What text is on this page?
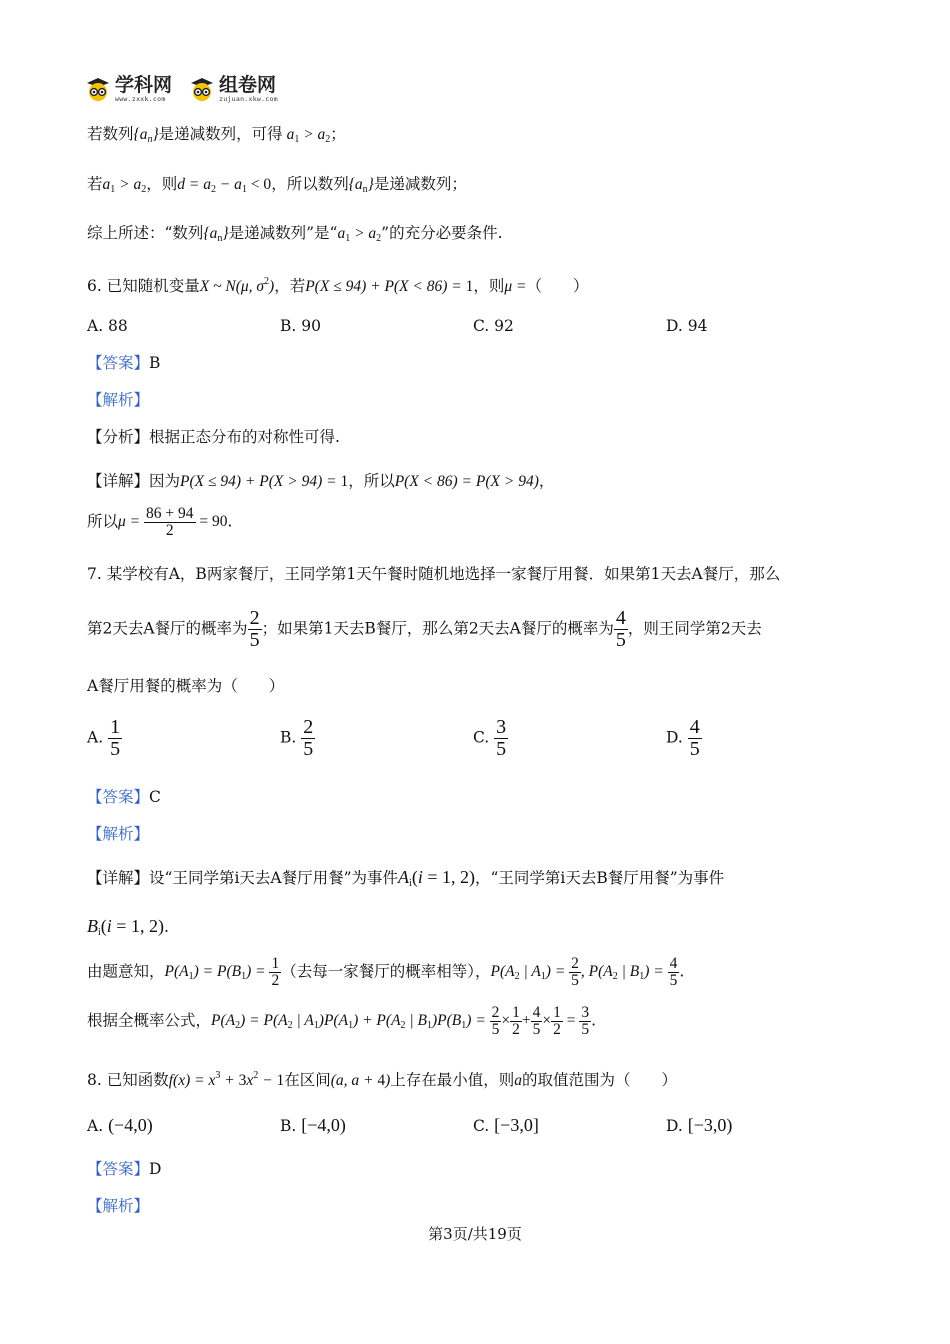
学科网
www.zxxk.com
组卷网
zujuan.xkw.com
若数列$\{a_n\}$是递减数列，可得 $a_1 > a_2$；
若$a_1 > a_2$，则$d = a_2 - a_1 < 0$，所以数列$\{a_n\}$是递减数列；
综上所述：“数列$\{a_n\}$是递减数列”是“$a_1 > a_2$”的充分必要条件.
6. 已知随机变量X ~ N(μ, $\sigma^2$)，若P(X ≤ 94) + P(X < 86) = 1，则μ =（　　）
A. 88	B. 90	C. 92	D. 94
【答案】B
【解析】
【分析】根据正态分布的对称性可得.
【详解】因为P(X ≤ 94) + P(X > 94) = 1，所以P(X < 86) = P(X > 94)，
所以$\mu = \frac{86 + 94}{2} = 90$.
7. 某学校有A，B两家餐厅，王同学第1天午餐时随机地选择一家餐厅用餐．如果第1天去A餐厅，那么
第2天去A餐厅的概率为 $\frac{2}{5}$ ；如果第1天去B餐厅，那么第2天去A餐厅的概率为 $\frac{4}{5}$ ，则王同学第2天去
A餐厅用餐的概率为（　　）
A. $\frac{1}{5}$	B. $\frac{2}{5}$	C. $\frac{3}{5}$	D. $\frac{4}{5}$
【答案】C
【解析】
【详解】设“王同学第i天去A餐厅用餐”为事件$A_i(i = 1$, 2)，“王同学第i天去B餐厅用餐”为事件
$B_i(i = 1$, 2).
由题意知，$P(A_1) = P(B_1) = \frac{1}{2}$ （去每一家餐厅的概率相等），$P(A_2$ | $A_1) = \frac{2}{5}$ , $P(A_2$ | $B_1) = \frac{4}{5}$ .
根据全概率公式，$P(A_2) = P(A_2$ | $A_1)P(A_1) + P(A_2$ | $B_1)P(B_1) = \frac{2}{5} \times \frac{1}{2} + \frac{4}{5} \times \frac{1}{2} = \frac{3}{5}$ .
8. 已知函数$f(x) = x^3 + 3x^2 - 1$在区间(a, a + 4)上存在最小值，则a的取值范围为（　　）
A. (−4,0)	B. [−4,0)	C. [−3,0]	D. [−3,0)
【答案】D
【解析】
第3页/共19页
